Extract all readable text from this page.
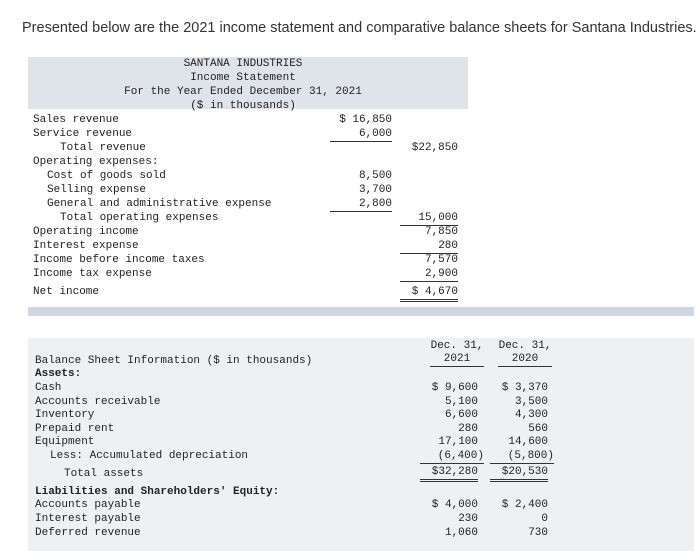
Presented below are the 2021 income statement and comparative balance sheets for Santana Industries.
SANTANA INDUSTRIES
Income Statement
For the Year Ended December 31, 2021
($ in thousands)
Sales revenue
Service revenue
Total revenue
Operating expenses:
Cost of goods sold
Selling expense
General and administrative expense
Total operating expenses
Operating income
Interest expense
Income before income taxes
Income tax expense
Net income
$ 16,850
6,000
8,500
3,700
2,800
$22,850
15,000
7,850
280
7,570
2,900
$ 4,670
Dec. 31,
2021
Dec. 31,
2020
Balance Sheet Information ($ in thousands)
Assets:
Cash
Accounts receivable
Inventory
Prepaid rent
Equipment
Less: Accumulated depreciation
Total assets
Liabilities and Shareholders' Equity:
Accounts payable
Interest payable
Deferred revenue
$ 9,600
5,100
6,600
280
17,100
(6,400)
$32,280
$ 4,000
230
1,060
$ 3,370
3,500
4,300
560
14,600
(5,800)
$20,530
$ 2,400
0
730
